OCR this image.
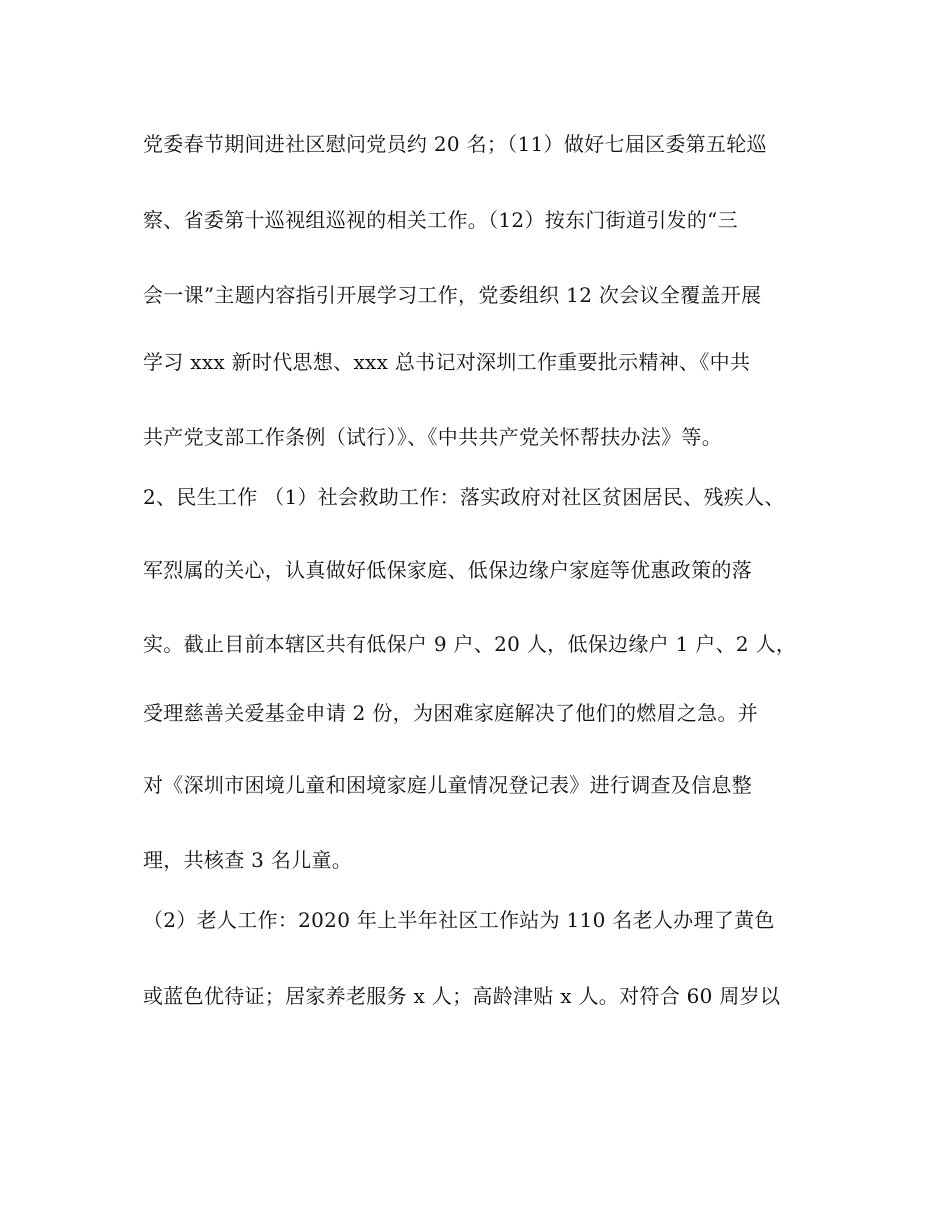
党委春节期间进社区慰问党员约 20 名；（11）做好七届区委第五轮巡
察、省委第十巡视组巡视的相关工作。（12）按东门街道引发的“三
会一课”主题内容指引开展学习工作，党委组织 12 次会议全覆盖开展
学习 xxx 新时代思想、xxx 总书记对深圳工作重要批示精神、《中共
共产党支部工作条例（试行）》、《中共共产党关怀帮扶办法》等。
2、民生工作 （1）社会救助工作：落实政府对社区贫困居民、残疾人、
军烈属的关心，认真做好低保家庭、低保边缘户家庭等优惠政策的落
实。截止目前本辖区共有低保户 9 户、20 人，低保边缘户 1 户、2 人，
受理慈善关爱基金申请 2 份，为困难家庭解决了他们的燃眉之急。并
对《深圳市困境儿童和困境家庭儿童情况登记表》进行调查及信息整
理，共核查 3 名儿童。
（2）老人工作：2020 年上半年社区工作站为 110 名老人办理了黄色
或蓝色优待证；居家养老服务 x 人；高龄津贴 x 人。对符合 60 周岁以
